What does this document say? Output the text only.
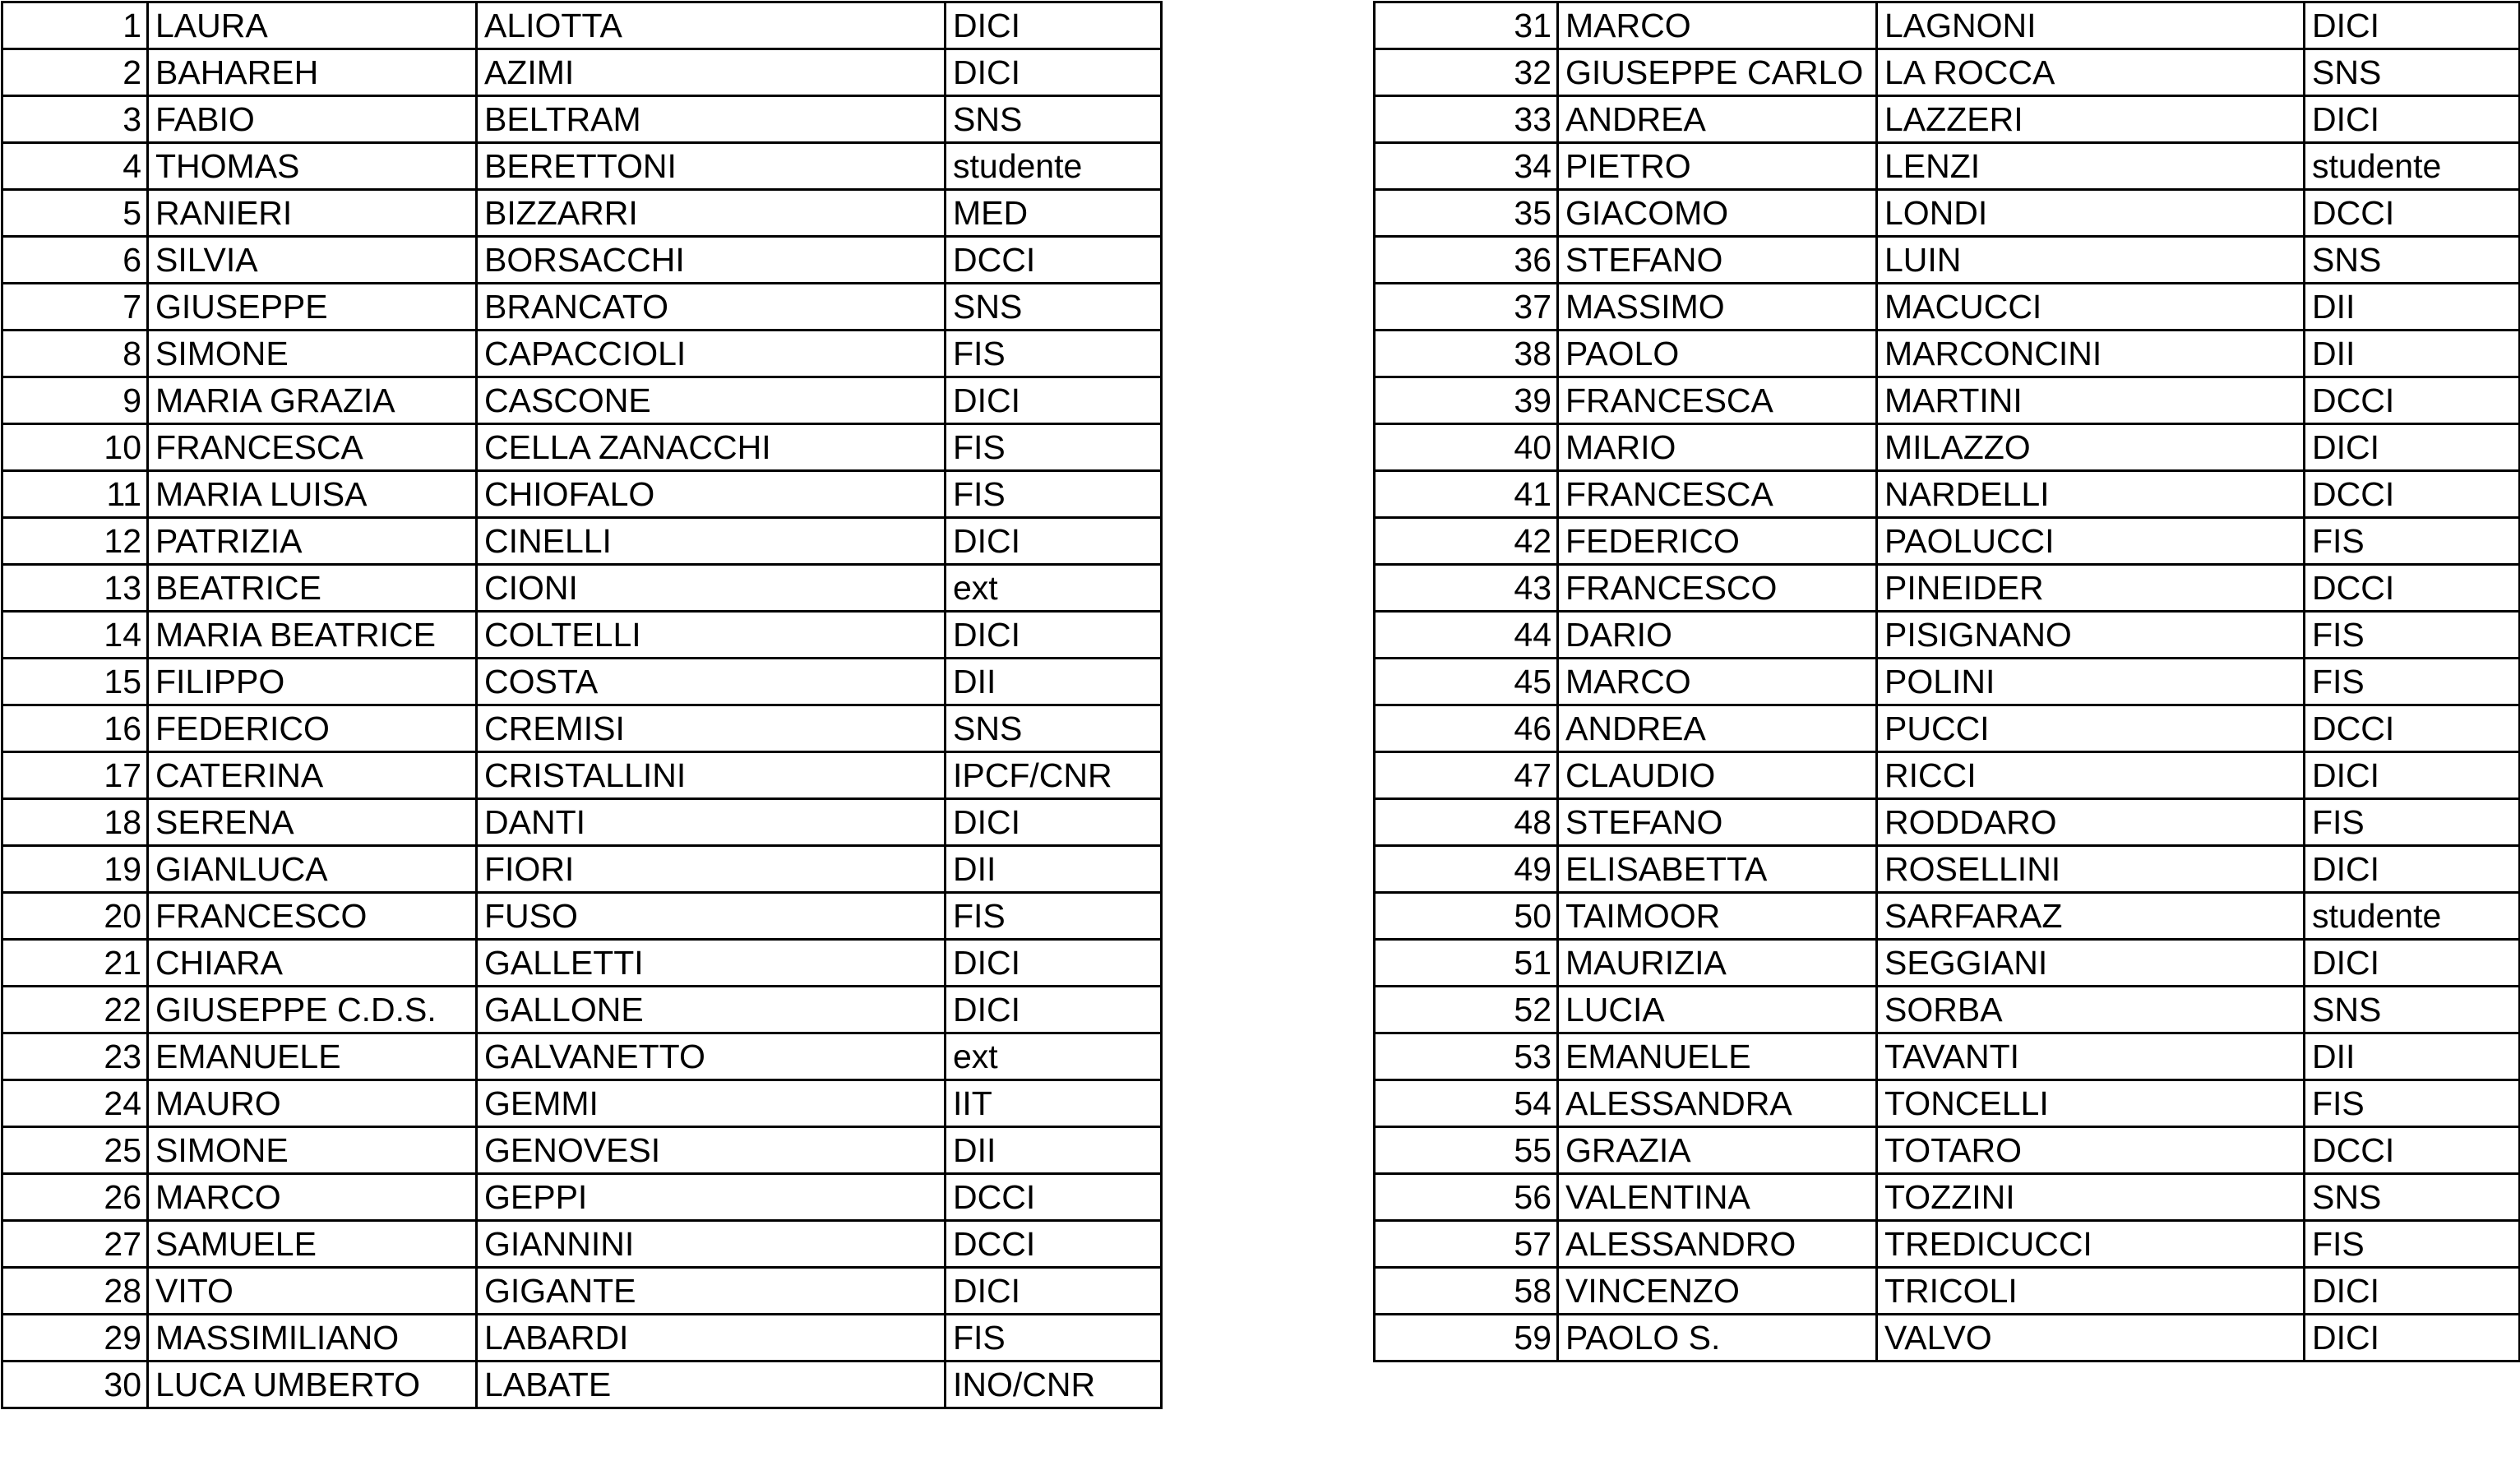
1	LAURA	ALIOTTA	DICI
2	BAHAREH	AZIMI	DICI
3	FABIO	BELTRAM	SNS
4	THOMAS	BERETTONI	studente
5	RANIERI	BIZZARRI	MED
6	SILVIA	BORSACCHI	DCCI
7	GIUSEPPE	BRANCATO	SNS
8	SIMONE	CAPACCIOLI	FIS
9	MARIA GRAZIA	CASCONE	DICI
10	FRANCESCA	CELLA ZANACCHI	FIS
11	MARIA LUISA	CHIOFALO	FIS
12	PATRIZIA	CINELLI	DICI
13	BEATRICE	CIONI	ext
14	MARIA BEATRICE	COLTELLI	DICI
15	FILIPPO	COSTA	DII
16	FEDERICO	CREMISI	SNS
17	CATERINA	CRISTALLINI	IPCF/CNR
18	SERENA	DANTI	DICI
19	GIANLUCA	FIORI	DII
20	FRANCESCO	FUSO	FIS
21	CHIARA	GALLETTI	DICI
22	GIUSEPPE C.D.S.	GALLONE	DICI
23	EMANUELE	GALVANETTO	ext
24	MAURO	GEMMI	IIT
25	SIMONE	GENOVESI	DII
26	MARCO	GEPPI	DCCI
27	SAMUELE	GIANNINI	DCCI
28	VITO	GIGANTE	DICI
29	MASSIMILIANO	LABARDI	FIS
30	LUCA UMBERTO	LABATE	INO/CNR
31	MARCO	LAGNONI	DICI
32	GIUSEPPE CARLO	LA ROCCA	SNS
33	ANDREA	LAZZERI	DICI
34	PIETRO	LENZI	studente
35	GIACOMO	LONDI	DCCI
36	STEFANO	LUIN	SNS
37	MASSIMO	MACUCCI	DII
38	PAOLO	MARCONCINI	DII
39	FRANCESCA	MARTINI	DCCI
40	MARIO	MILAZZO	DICI
41	FRANCESCA	NARDELLI	DCCI
42	FEDERICO	PAOLUCCI	FIS
43	FRANCESCO	PINEIDER	DCCI
44	DARIO	PISIGNANO	FIS
45	MARCO	POLINI	FIS
46	ANDREA	PUCCI	DCCI
47	CLAUDIO	RICCI	DICI
48	STEFANO	RODDARO	FIS
49	ELISABETTA	ROSELLINI	DICI
50	TAIMOOR	SARFARAZ	studente
51	MAURIZIA	SEGGIANI	DICI
52	LUCIA	SORBA	SNS
53	EMANUELE	TAVANTI	DII
54	ALESSANDRA	TONCELLI	FIS
55	GRAZIA	TOTARO	DCCI
56	VALENTINA	TOZZINI	SNS
57	ALESSANDRO	TREDICUCCI	FIS
58	VINCENZO	TRICOLI	DICI
59	PAOLO S.	VALVO	DICI
